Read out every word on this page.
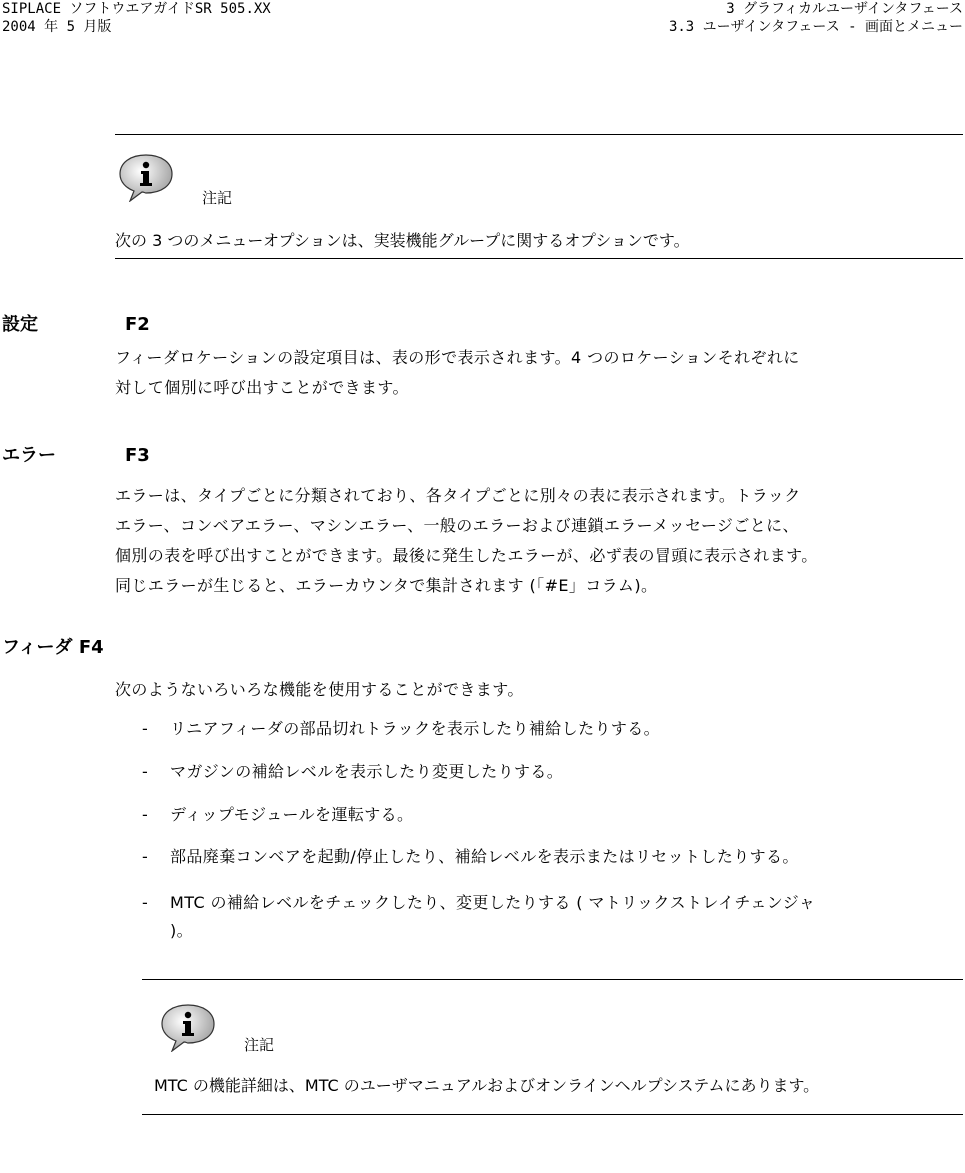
SIPLACE ソフトウエアガイドSR 505.XX
2004 年 5 月版
3 グラフィカルユーザインタフェース
3.3 ユーザインタフェース - 画面とメニュー
注記
次の 3 つのメニューオプションは、実装機能グループに関するオプションです。
設定	F2

フィーダロケーションの設定項目は、表の形で表示されます。4 つのロケーションそれぞれに

対して個別に呼び出すことができます。

エラー	F3

エラーは、タイプごとに分類されており、各タイプごとに別々の表に表示されます。トラック

エラー、コンベアエラー、マシンエラー、一般のエラーおよび連鎖エラーメッセージごとに、

個別の表を呼び出すことができます。最後に発生したエラーが、必ず表の冒頭に表示されます。

同じエラーが生じると、エラーカウンタで集計されます (「#E」コラム)。

フィーダ F4

次のようないろいろな機能を使用することができます。

- リニアフィーダの部品切れトラックを表示したり補給したりする。
- マガジンの補給レベルを表示したり変更したりする。
- ディップモジュールを運転する。
- 部品廃棄コンベアを起動/停止したり、補給レベルを表示またはリセットしたりする。
- MTC の補給レベルをチェックしたり、変更したりする ( マトリックストレイチェンジャ
)。
注記
MTC の機能詳細は、MTC のユーザマニュアルおよびオンラインヘルプシステムにあります。
